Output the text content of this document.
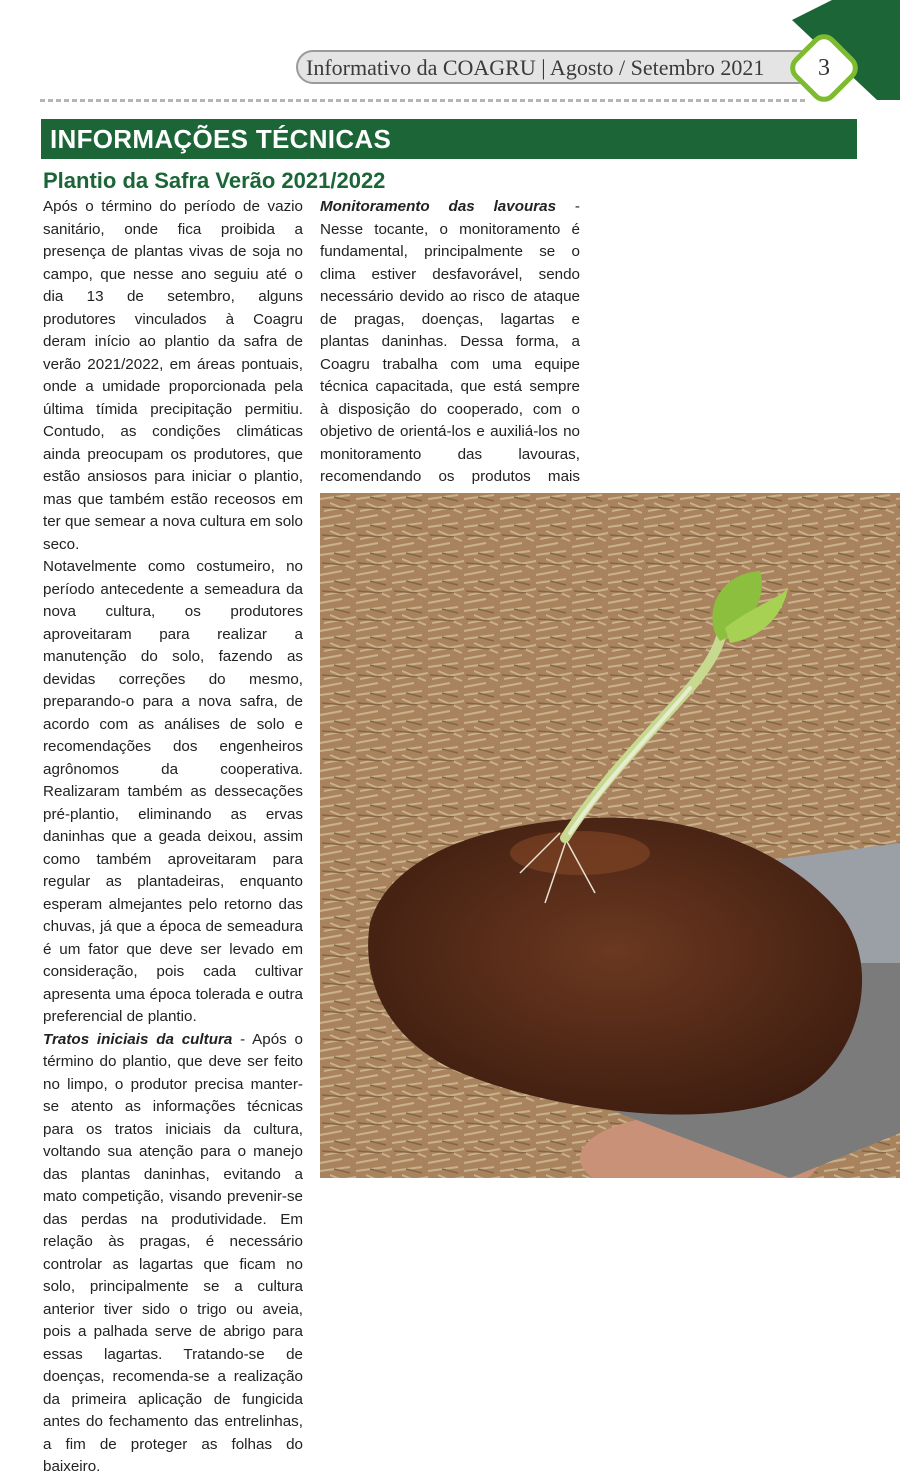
Informativo da COAGRU | Agosto / Setembro 2021	3
INFORMAÇÕES TÉCNICAS
Plantio da Safra Verão 2021/2022

Após o término do período de vazio sanitário, onde fica proibida a presença de plantas vivas de soja no campo, que nesse ano seguiu até o dia 13 de setembro, alguns produtores vinculados à Coagru deram início ao plantio da safra de verão 2021/2022, em áreas pontuais, onde a umidade proporcionada pela última tímida precipitação permitiu. Contudo, as condições climáticas ainda preocupam os produtores, que estão ansiosos para iniciar o plantio, mas que também estão receosos em ter que semear a nova cultura em solo seco.

Notavelmente como costumeiro, no período antecedente a semeadura da nova cultura, os produtores aproveitaram para realizar a manutenção do solo, fazendo as devidas correções do mesmo, preparando-o para a nova safra, de acordo com as análises de solo e recomendações dos engenheiros agrônomos da cooperativa. Realizaram também as dessecações pré-plantio, eliminando as ervas daninhas que a geada deixou, assim como também aproveitaram para regular as plantadeiras, enquanto esperam almejantes pelo retorno das chuvas, já que a época de semeadura é um fator que deve ser levado em consideração, pois cada cultivar apresenta uma época tolerada e outra preferencial de plantio.

Tratos iniciais da cultura - Após o término do plantio, que deve ser feito no limpo, o produtor precisa manter-se atento as informações técnicas para os tratos iniciais da cultura, voltando sua atenção para o manejo das plantas daninhas, evitando a mato competição, visando prevenir-se das perdas na produtividade. Em relação às pragas, é necessário controlar as lagartas que ficam no solo, principalmente se a cultura anterior tiver sido o trigo ou aveia, pois a palhada serve de abrigo para essas lagartas. Tratando-se de doenças, recomenda-se a realização da primeira aplicação de fungicida antes do fechamento das entrelinhas, a fim de proteger as folhas do baixeiro.

Monitoramento das lavouras - Nesse tocante, o monitoramento é fundamental, principalmente se o clima estiver desfavorável, sendo necessário devido ao risco de ataque de pragas, doenças, lagartas e plantas daninhas. Dessa forma, a Coagru trabalha com uma equipe técnica capacitada, que está sempre à disposição do cooperado, com o objetivo de orientá-los e auxiliá-los no monitoramento das lavouras, recomendando os produtos mais
